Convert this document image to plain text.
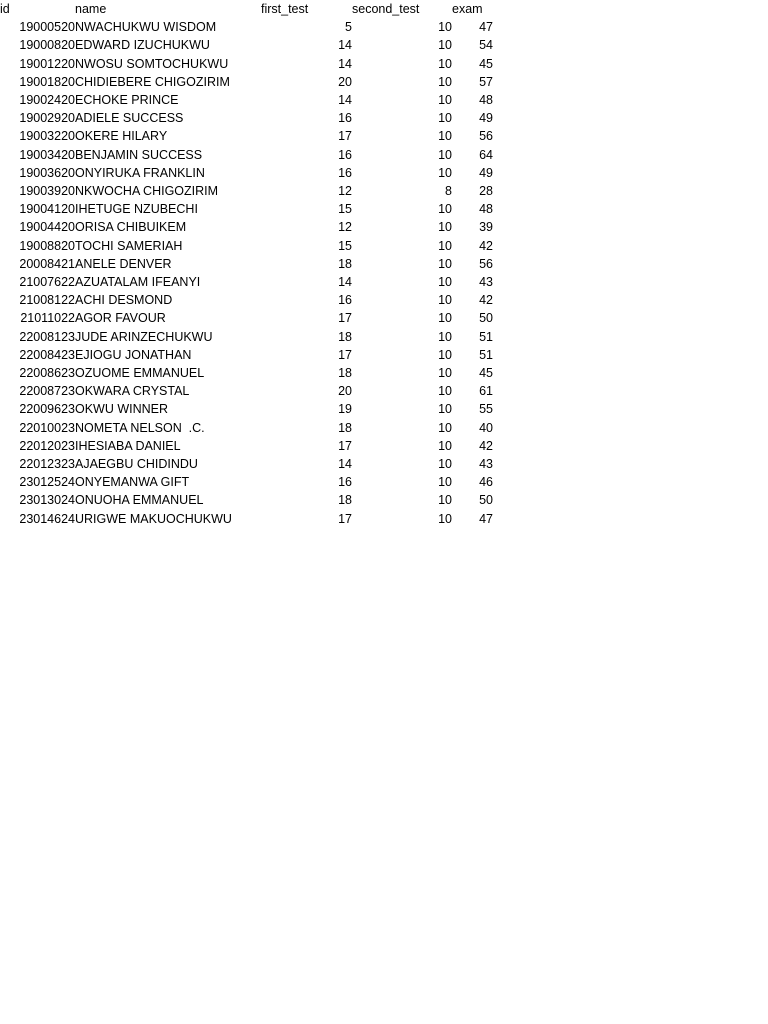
id	name	first_test	second_test	exam
19000520	NWACHUKWU WISDOM	5	10	47
19000820	EDWARD IZUCHUKWU	14	10	54
19001220	NWOSU SOMTOCHUKWU	14	10	45
19001820	CHIDIEBERE CHIGOZIRIM	20	10	57
19002420	ECHOKE PRINCE	14	10	48
19002920	ADIELE SUCCESS	16	10	49
19003220	OKERE HILARY	17	10	56
19003420	BENJAMIN SUCCESS	16	10	64
19003620	ONYIRUKA FRANKLIN	16	10	49
19003920	NKWOCHA CHIGOZIRIM	12	8	28
19004120	IHETUGE NZUBECHI	15	10	48
19004420	ORISA CHIBUIKEM	12	10	39
19008820	TOCHI SAMERIAH	15	10	42
20008421	ANELE DENVER	18	10	56
21007622	AZUATALAM IFEANYI	14	10	43
21008122	ACHI DESMOND	16	10	42
21011022	AGOR FAVOUR	17	10	50
22008123	JUDE ARINZECHUKWU	18	10	51
22008423	EJIOGU JONATHAN	17	10	51
22008623	OZUOME EMMANUEL	18	10	45
22008723	OKWARA CRYSTAL	20	10	61
22009623	OKWU WINNER	19	10	55
22010023	NOMETA NELSON  .C.	18	10	40
22012023	IHESIABA DANIEL	17	10	42
22012323	AJAEGBU CHIDINDU	14	10	43
23012524	ONYEMANWA GIFT	16	10	46
23013024	ONUOHA EMMANUEL	18	10	50
23014624	URIGWE MAKUOCHUKWU	17	10	47
